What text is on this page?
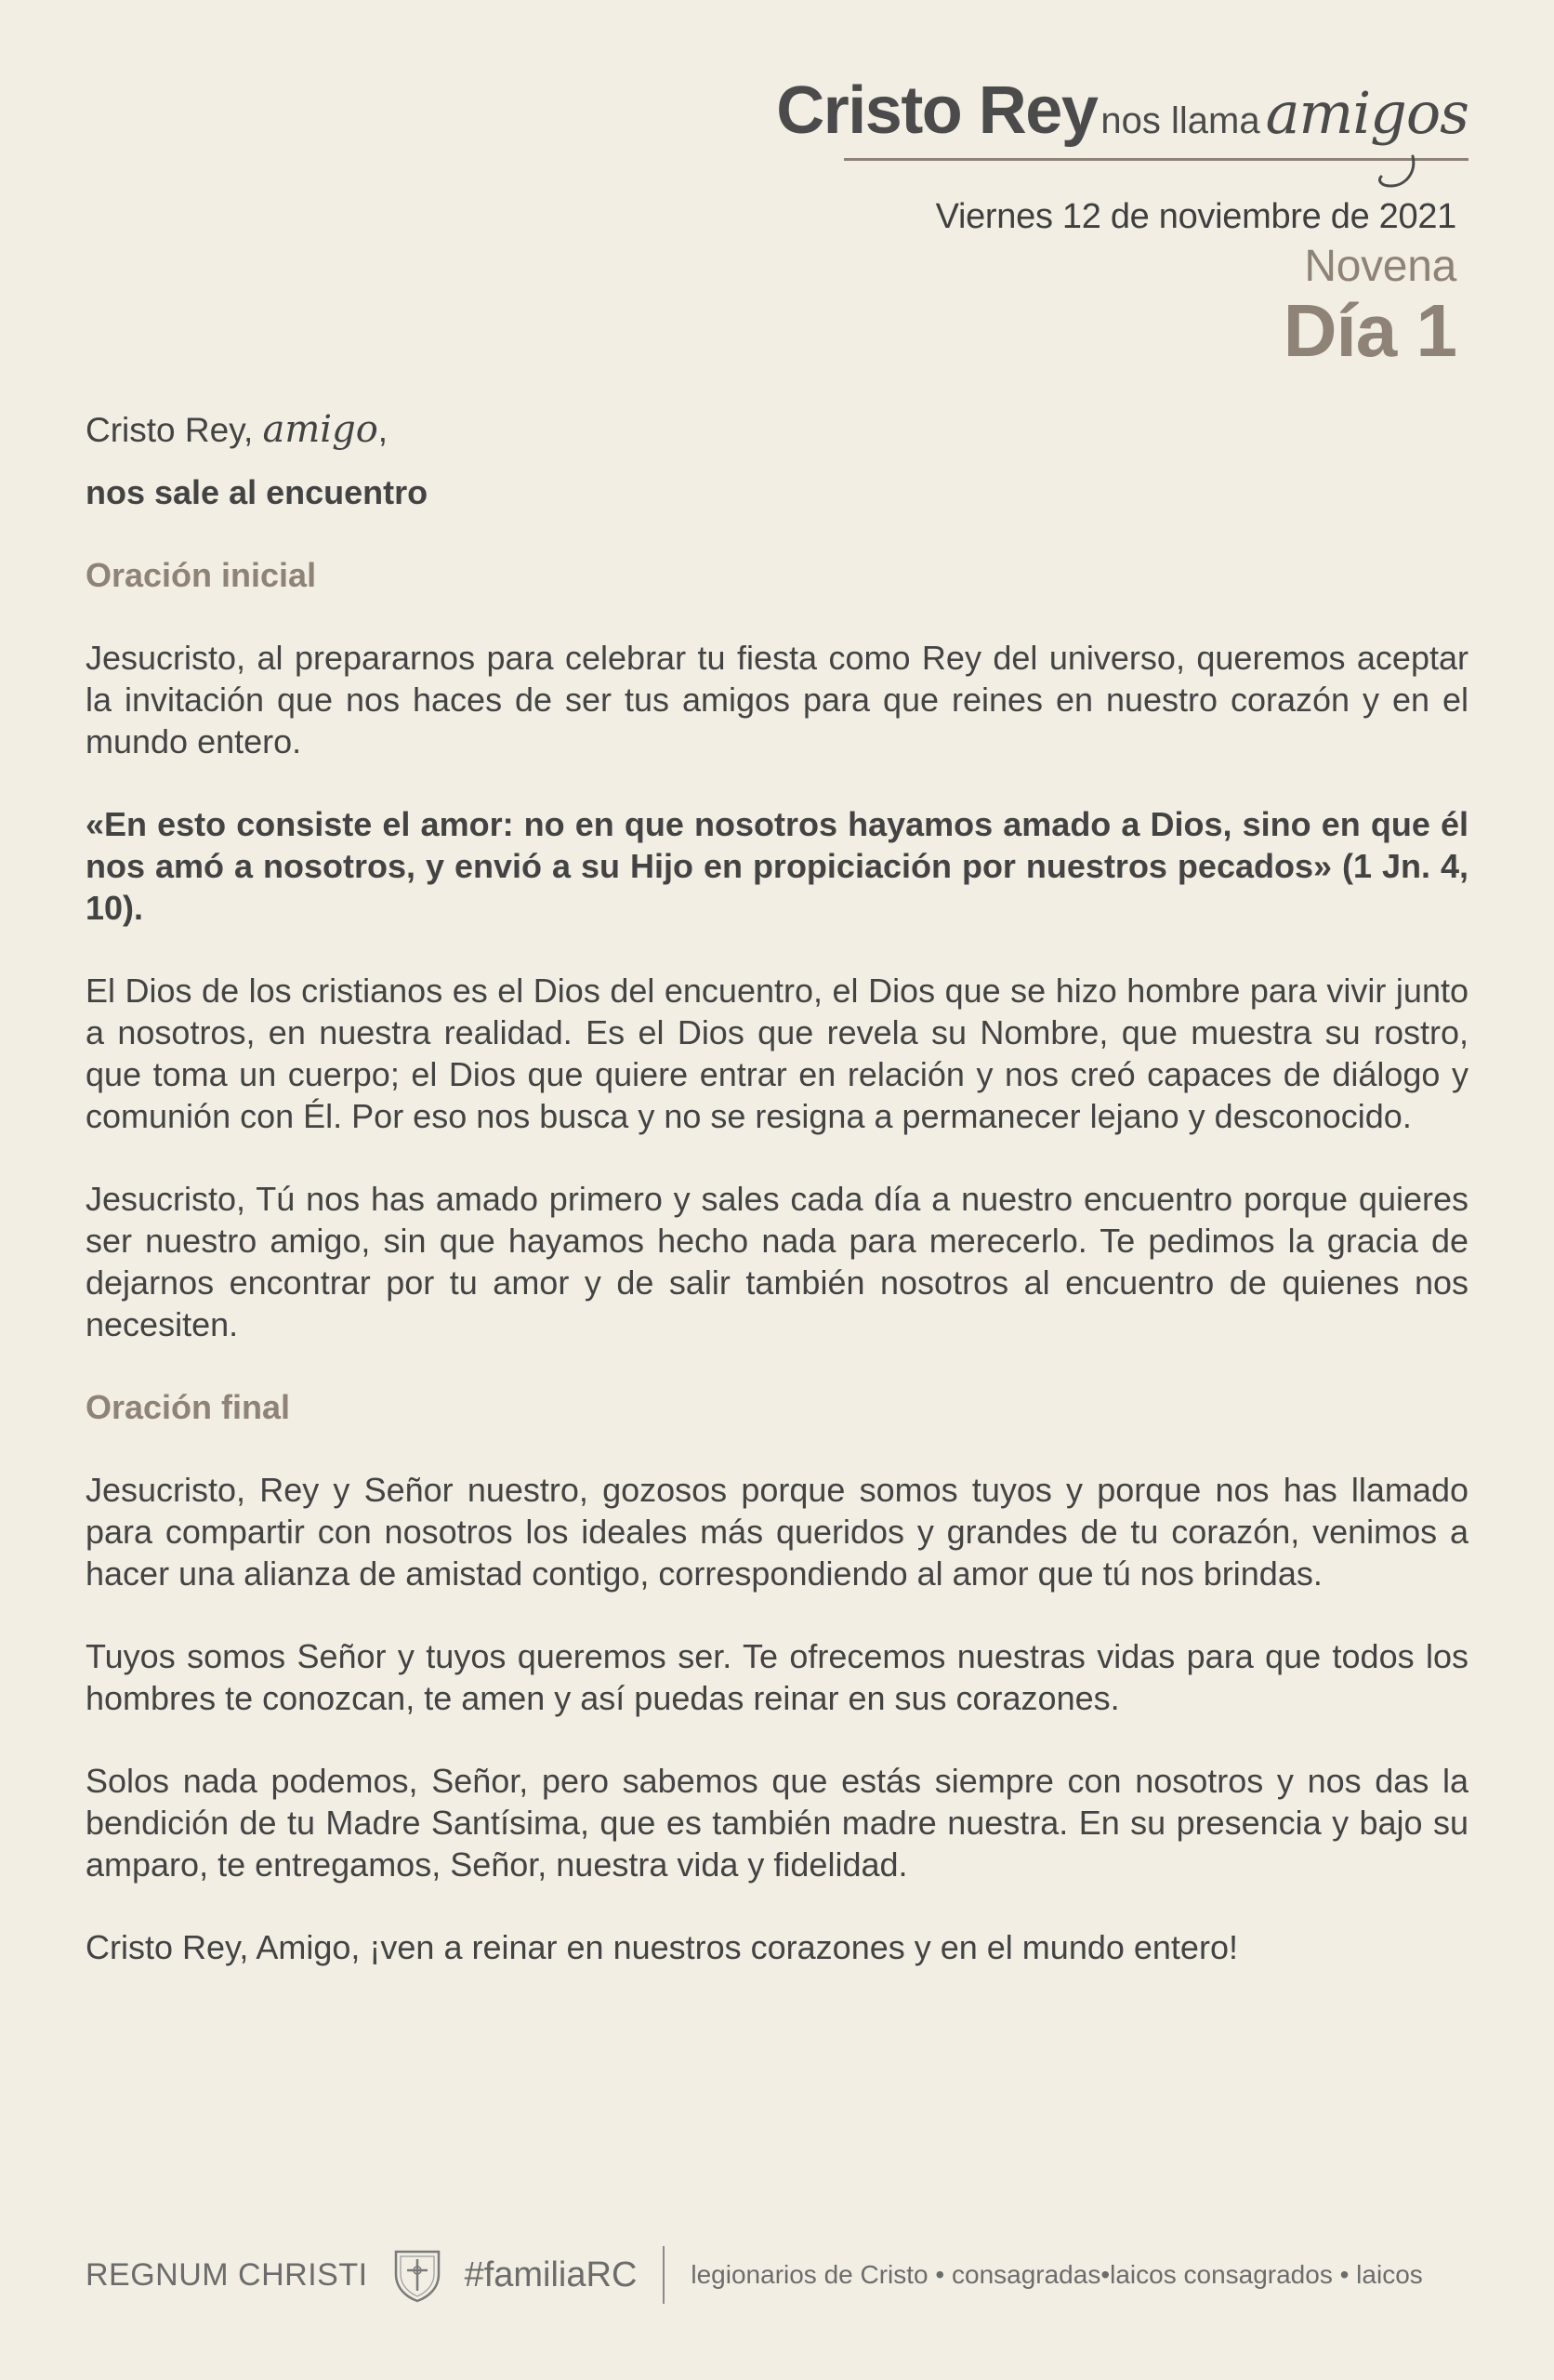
Cristo Rey nos llama amigos
Viernes 12 de noviembre de 2021
Novena
Día 1

Cristo Rey, amigo,

nos sale al encuentro

Oración inicial

Jesucristo, al prepararnos para celebrar tu fiesta como Rey del universo, queremos aceptar la invitación que nos haces de ser tus amigos para que reines en nuestro corazón y en el mundo entero.

«En esto consiste el amor: no en que nosotros hayamos amado a Dios, sino en que él nos amó a nosotros, y envió a su Hijo en propiciación por nuestros pecados» (1 Jn. 4, 10).

El Dios de los cristianos es el Dios del encuentro, el Dios que se hizo hombre para vivir junto a nosotros, en nuestra realidad. Es el Dios que revela su Nombre, que muestra su rostro, que toma un cuerpo; el Dios que quiere entrar en relación y nos creó capaces de diálogo y comunión con Él. Por eso nos busca y no se resigna a permanecer lejano y desconocido.

Jesucristo, Tú nos has amado primero y sales cada día a nuestro encuentro porque quieres ser nuestro amigo, sin que hayamos hecho nada para merecerlo. Te pedimos la gracia de dejarnos encontrar por tu amor y de salir también nosotros al encuentro de quienes nos necesiten.

Oración final

Jesucristo, Rey y Señor nuestro, gozosos porque somos tuyos y porque nos has llamado para compartir con nosotros los ideales más queridos y grandes de tu corazón, venimos a hacer una alianza de amistad contigo, correspondiendo al amor que tú nos brindas.

Tuyos somos Señor y tuyos queremos ser. Te ofrecemos nuestras vidas para que todos los hombres te conozcan, te amen y así puedas reinar en sus corazones.

Solos nada podemos, Señor, pero sabemos que estás siempre con nosotros y nos das la bendición de tu Madre Santísima, que es también madre nuestra. En su presencia y bajo su amparo, te entregamos, Señor, nuestra vida y fidelidad.

Cristo Rey, Amigo, ¡ven a reinar en nuestros corazones y en el mundo entero!

REGNUM CHRISTI	#familiaRC legionarios de Cristo • consagradas•laicos consagrados • laicos
